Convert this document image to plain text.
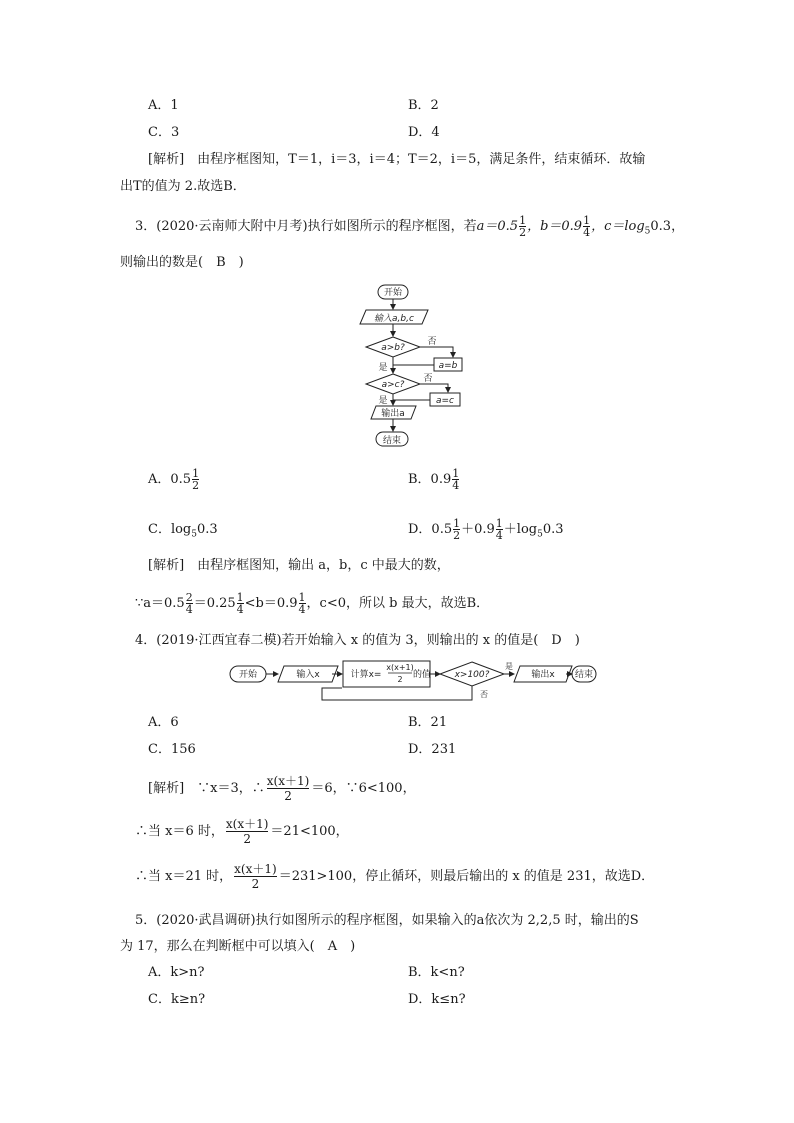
A．1	B．2
C．3	D．4
[解析]　 由程序框图知，T＝1，i＝3，i＝4；T＝2，i＝5，满足条件，结束循环．故输
出T的值为 2.故选B．
3．(2020·云南师大附中月考)执行如图所示的程序框图，若$a=0.5 \frac{1}{2}$ ，$b=0.9 \frac{1}{4}$ ，$c=\log_50.3$，
则输出的数是(　B　)
开始
输入a,b,c
a>b?
否
a=b
是
a>c?
否
a=c
是
输出a
结束
A．$0.5 \frac{1}{2}$	B．$0.9 \frac{1}{4}$
C．$\log_50.3$	D．$0.5 \frac{1}{2} +0.9 \frac{1}{4} +\log_50.3$
[解析]　 由程序框图知，输出 a，b，c 中最大的数，
∵a＝0.5 $\frac{2}{4} =0.25 \frac{1}{4} <b=0.9 \frac{1}{4}$ ，c<0，所以 b 最大，故选B．
4．(2019·江西宜春二模)若开始输入 x 的值为 3，则输出的 x 的值是(　D　)
开始	输入x	计算x=
x(x+1)
2 的值	x>100?
是
否
输出x 结束
A．6	B．21
C．156	D．231
[解析]　 ∵x＝3，∴ $\frac{x(x+1)}{2} =6$，∵6<100，
∴当 x＝6 时， $\frac{x(x+1)}{2} =21<100$，
∴当 x＝21 时， $\frac{x(x+1)}{2} =231>100$，停止循环，则最后输出的 x 的值是 231，故选D．
5．(2020·武昌调研)执行如图所示的程序框图，如果输入的a依次为 2,2,5 时，输出的S
为 17，那么在判断框中可以填入(　A　)
A．k>n?	B．k<n?
C．k≥n?	D．k≤n?
